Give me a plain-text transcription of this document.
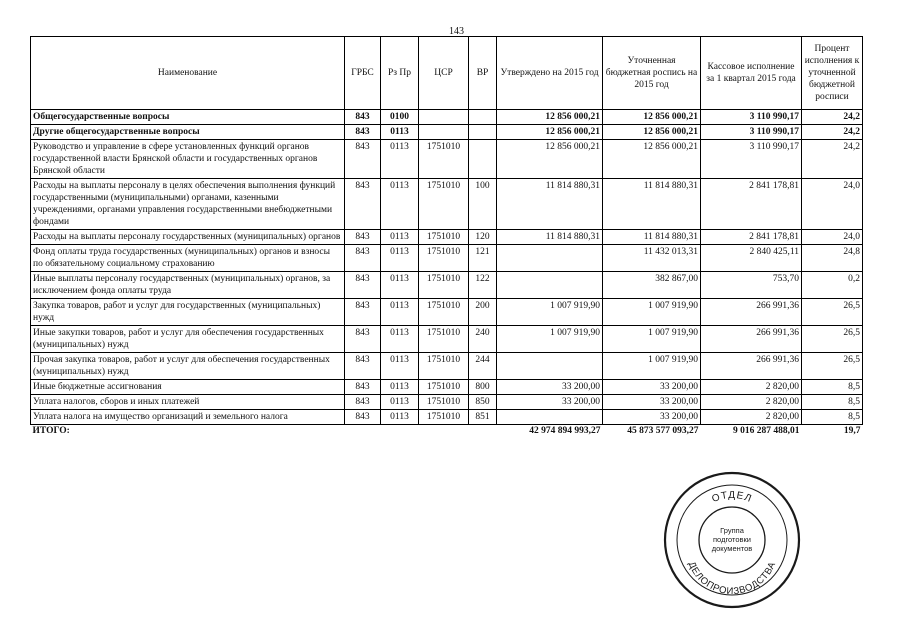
143
Наименование	ГРБС	Рз Пр	ЦСР	ВР	Утверждено на 2015 год	Уточненная бюджетная роспись на 2015 год	Кассовое исполнение за 1 квартал 2015 года	Процент исполнения к уточненной бюджетной росписи
Общегосударственные вопросы	843	0100			12 856 000,21	12 856 000,21	3 110 990,17	24,2
Другие общегосударственные вопросы	843	0113			12 856 000,21	12 856 000,21	3 110 990,17	24,2
Руководство и управление в сфере установленных функций органов государственной власти Брянской области и государственных органов Брянской области	843	0113	1751010		12 856 000,21	12 856 000,21	3 110 990,17	24,2
Расходы на выплаты персоналу в целях обеспечения выполнения функций государственными (муниципальными) органами, казенными учреждениями, органами управления государственными внебюджетными фондами	843	0113	1751010	100	11 814 880,31	11 814 880,31	2 841 178,81	24,0
Расходы на выплаты персоналу государственных (муниципальных) органов	843	0113	1751010	120	11 814 880,31	11 814 880,31	2 841 178,81	24,0
Фонд оплаты труда государственных (муниципальных) органов и взносы по обязательному социальному страхованию	843	0113	1751010	121		11 432 013,31	2 840 425,11	24,8
Иные выплаты персоналу государственных (муниципальных) органов, за исключением фонда оплаты труда	843	0113	1751010	122		382 867,00	753,70	0,2
Закупка товаров, работ и услуг для государственных (муниципальных) нужд	843	0113	1751010	200	1 007 919,90	1 007 919,90	266 991,36	26,5
Иные закупки товаров, работ и услуг для обеспечения государственных (муниципальных) нужд	843	0113	1751010	240	1 007 919,90	1 007 919,90	266 991,36	26,5
Прочая закупка товаров, работ и услуг для обеспечения государственных (муниципальных) нужд	843	0113	1751010	244		1 007 919,90	266 991,36	26,5
Иные бюджетные ассигнования	843	0113	1751010	800	33 200,00	33 200,00	2 820,00	8,5
Уплата налогов, сборов и иных платежей	843	0113	1751010	850	33 200,00	33 200,00	2 820,00	8,5
Уплата налога на имущество организаций и земельного налога	843	0113	1751010	851		33 200,00	2 820,00	8,5
ИТОГО:					42 974 894 993,27	45 873 577 093,27	9 016 287 488,01	19,7
ОТДЕЛ
ДЕЛОПРОИЗВОДСТВА
Группа
подготовки
документов
